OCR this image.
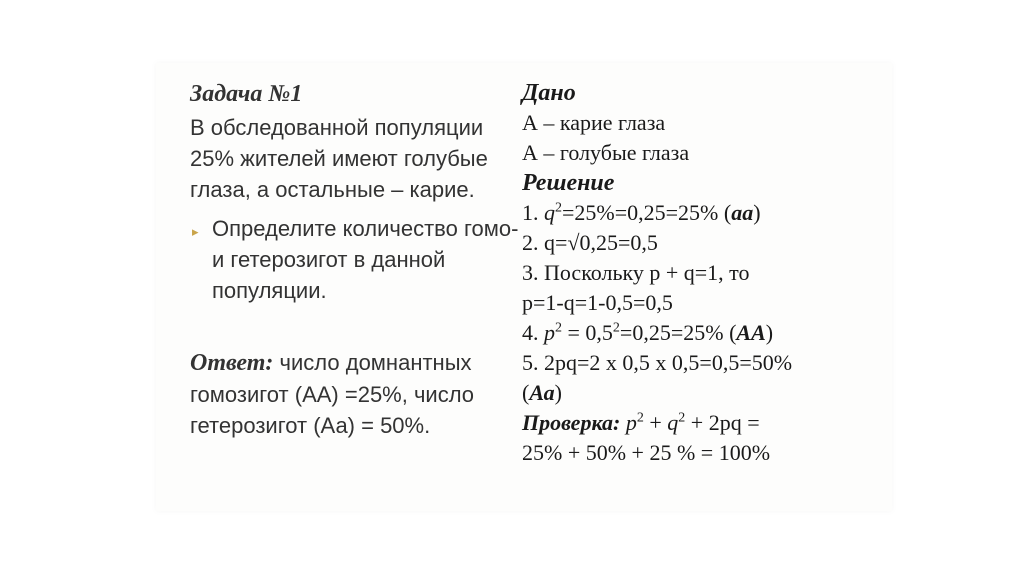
Задача №1

В обследованной популяции 25% жителей имеют голубые глаза, а остальные – карие.

▸ Определите количество гомо- и гетерозигот в данной популяции.
Ответ: число домнантных гомозигот (АА) =25%, число гетерозигот (Аа) = 50%.

Дано

А – карие глаза

А – голубые глаза

Решение

1. $q^2=25\%=0,25=25\%$ (аа)

2. q=√0,25=0,5

3. Поскольку p + q=1, то

p=1-q=1-0,5=0,5

4. $p^2 = 0,5^2=0,25=25\%$ (АА)

5. 2pq=2 х 0,5 х 0,5=0,5=50%

(Аа)

Проверка: $p^2 + q^2 + 2pq$ =

25% + 50% + 25 % = 100%
